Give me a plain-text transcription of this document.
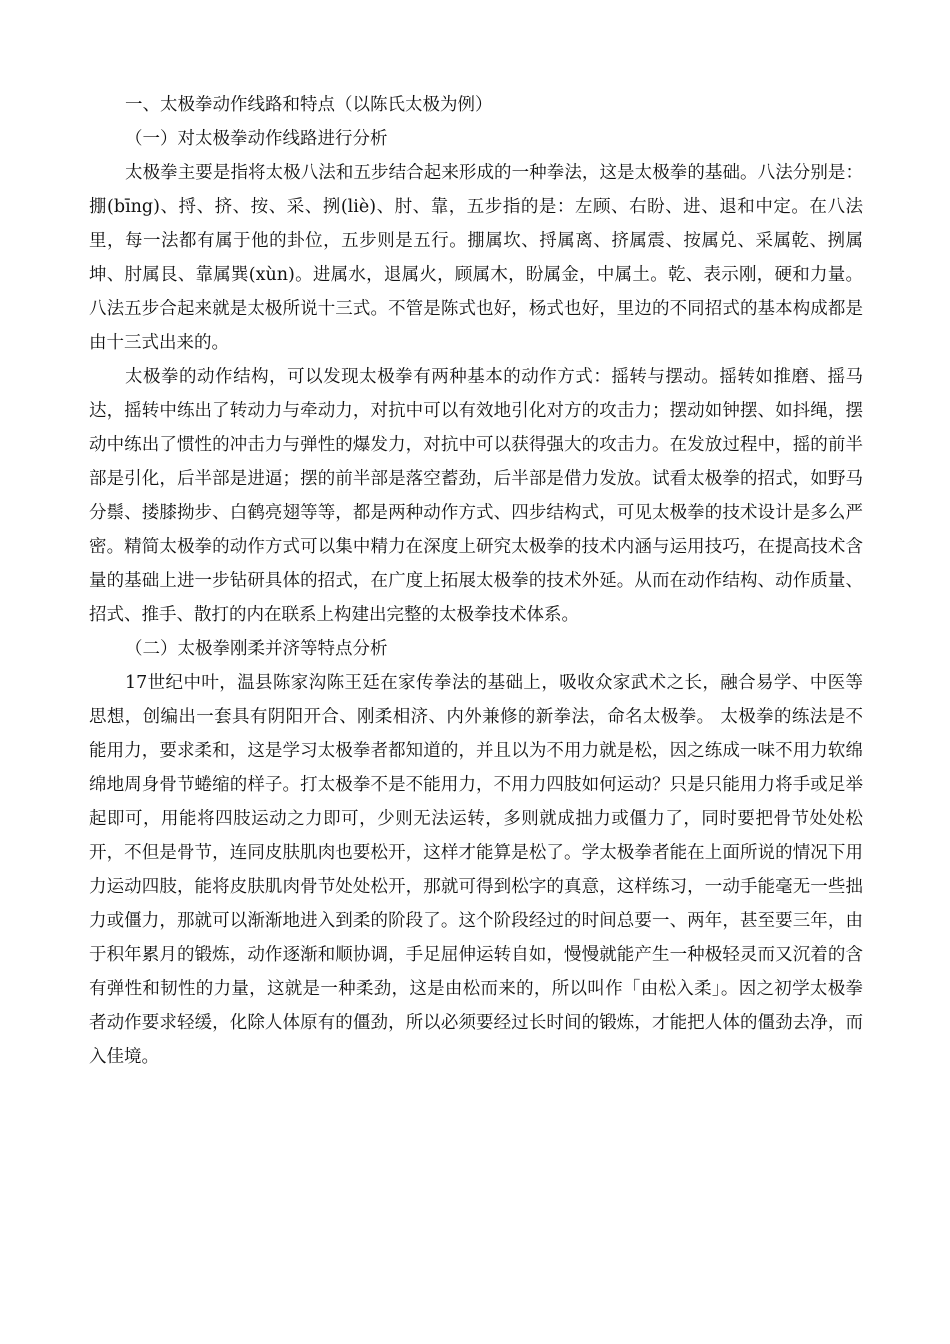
一、太极拳动作线路和特点（以陈氏太极为例）

（一）对太极拳动作线路进行分析

太极拳主要是指将太极八法和五步结合起来形成的一种拳法，这是太极拳的基础。八法分别是：掤(bīng)、捋、挤、按、采、挒(liè)、肘、靠，五步指的是：左顾、右盼、进、退和中定。在八法里，每一法都有属于他的卦位，五步则是五行。掤属坎、捋属离、挤属震、按属兑、采属乾、挒属坤、肘属艮、靠属巽(xùn)。进属水，退属火，顾属木，盼属金，中属土。乾、表示刚，硬和力量。八法五步合起来就是太极所说十三式。不管是陈式也好，杨式也好，里边的不同招式的基本构成都是由十三式出来的。

太极拳的动作结构，可以发现太极拳有两种基本的动作方式：摇转与摆动。摇转如推磨、摇马达，摇转中练出了转动力与牵动力，对抗中可以有效地引化对方的攻击力；摆动如钟摆、如抖绳，摆动中练出了惯性的冲击力与弹性的爆发力，对抗中可以获得强大的攻击力。在发放过程中，摇的前半部是引化，后半部是进逼；摆的前半部是落空蓄劲，后半部是借力发放。试看太极拳的招式，如野马分鬃、搂膝拗步、白鹤亮翅等等，都是两种动作方式、四步结构式，可见太极拳的技术设计是多么严密。精简太极拳的动作方式可以集中精力在深度上研究太极拳的技术内涵与运用技巧，在提高技术含量的基础上进一步钻研具体的招式，在广度上拓展太极拳的技术外延。从而在动作结构、动作质量、招式、推手、散打的内在联系上构建出完整的太极拳技术体系。

（二）太极拳刚柔并济等特点分析

17世纪中叶，温县陈家沟陈王廷在家传拳法的基础上，吸收众家武术之长，融合易学、中医等思想，创编出一套具有阴阳开合、刚柔相济、内外兼修的新拳法，命名太极拳。 太极拳的练法是不能用力，要求柔和，这是学习太极拳者都知道的，并且以为不用力就是松，因之练成一味不用力软绵绵地周身骨节蜷缩的样子。打太极拳不是不能用力，不用力四肢如何运动？只是只能用力将手或足举起即可，用能将四肢运动之力即可，少则无法运转，多则就成拙力或僵力了，同时要把骨节处处松开，不但是骨节，连同皮肤肌肉也要松开，这样才能算是松了。学太极拳者能在上面所说的情况下用力运动四肢，能将皮肤肌肉骨节处处松开，那就可得到松字的真意，这样练习，一动手能毫无一些拙力或僵力，那就可以渐渐地进入到柔的阶段了。这个阶段经过的时间总要一、两年，甚至要三年，由于积年累月的锻炼，动作逐渐和顺协调，手足屈伸运转自如，慢慢就能产生一种极轻灵而又沉着的含有弹性和韧性的力量，这就是一种柔劲，这是由松而来的，所以叫作「由松入柔」。因之初学太极拳者动作要求轻缓，化除人体原有的僵劲，所以必须要经过长时间的锻炼，才能把人体的僵劲去净，而入佳境。
